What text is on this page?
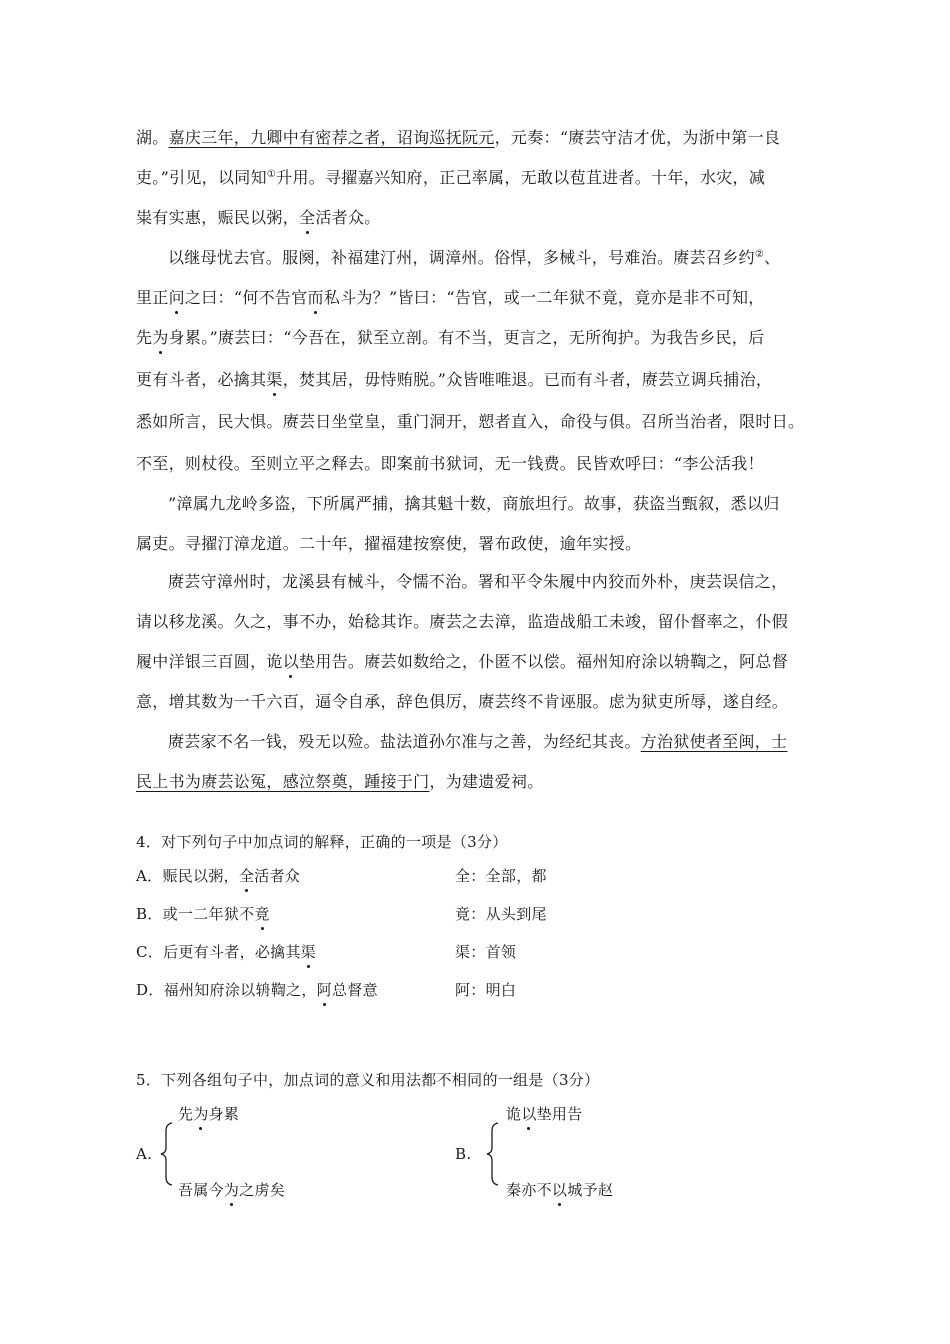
湖。嘉庆三年，九卿中有密荐之者，诏询巡抚阮元，元奏：“赓芸守洁才优，为浙中第一良
吏。”引见，以同知①升用。寻擢嘉兴知府，正己率属，无敢以苞苴进者。十年，水灾，减
粜有实惠，赈民以粥，全活者众。
以继母忧去官。服阕，补福建汀州，调漳州。俗悍，多械斗，号难治。赓芸召乡约②、
里正问之曰：“何不告官而私斗为？”皆曰：“告官，或一二年狱不竟，竟亦是非不可知，
先为身累。”赓芸曰：“今吾在，狱至立剖。有不当，更言之，无所徇护。为我告乡民，后
更有斗者，必擒其渠，焚其居，毋恃贿脱。”众皆唯唯退。已而有斗者，赓芸立调兵捕治，
悉如所言，民大惧。赓芸日坐堂皇，重门洞开，愬者直入，命役与俱。召所当治者，限时日。
不至，则杖役。至则立平之释去。即案前书狱词，无一钱费。民皆欢呼曰：“李公活我！
”漳属九龙岭多盗，下所属严捕，擒其魁十数，商旅坦行。故事，获盗当甄叙，悉以归
属吏。寻擢汀漳龙道。二十年，擢福建按察使，署布政使，逾年实授。
赓芸守漳州时，龙溪县有械斗，令懦不治。署和平令朱履中内狡而外朴，庚芸误信之，
请以移龙溪。久之，事不办，始稔其诈。赓芸之去漳，监造战船工未竣，留仆督率之，仆假
履中洋银三百圆，诡以垫用告。赓芸如数给之，仆匿不以偿。福州知府涂以辀鞫之，阿总督
意，增其数为一千六百，逼令自承，辞色俱厉，赓芸终不肯诬服。虑为狱吏所辱，遂自经。
赓芸家不名一钱，殁无以殓。盐法道孙尔准与之善，为经纪其丧。方治狱使者至闽，士
民上书为赓芸讼冤，感泣祭奠，踵接于门，为建遗爱祠。
4．对下列句子中加点词的解释，正确的一项是（3分）
A．赈民以粥，全活者众	全：全部，都
B．或一二年狱不竟	竟：从头到尾
C．后更有斗者，必擒其渠	渠：首领
D．福州知府涂以辀鞫之，阿总督意	阿：明白
5．下列各组句子中，加点词的意义和用法都不相同的一组是（3分）
先为身累
A.
吾属今为之虏矣
诡以垫用告
B.
秦亦不以城予赵
